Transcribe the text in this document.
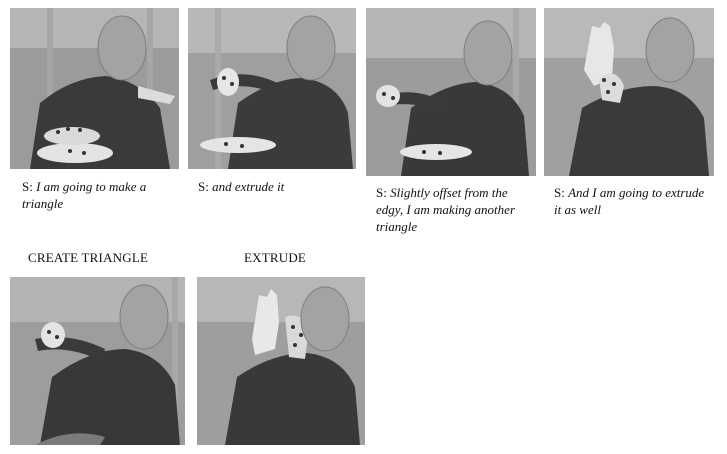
S: I am going to make a triangle
S: and extrude it	S: Slightly offset from the edgy, I am making another triangle
S: And I am going to extrude it as well
CREATE TRIANGLE	EXTRUDE
